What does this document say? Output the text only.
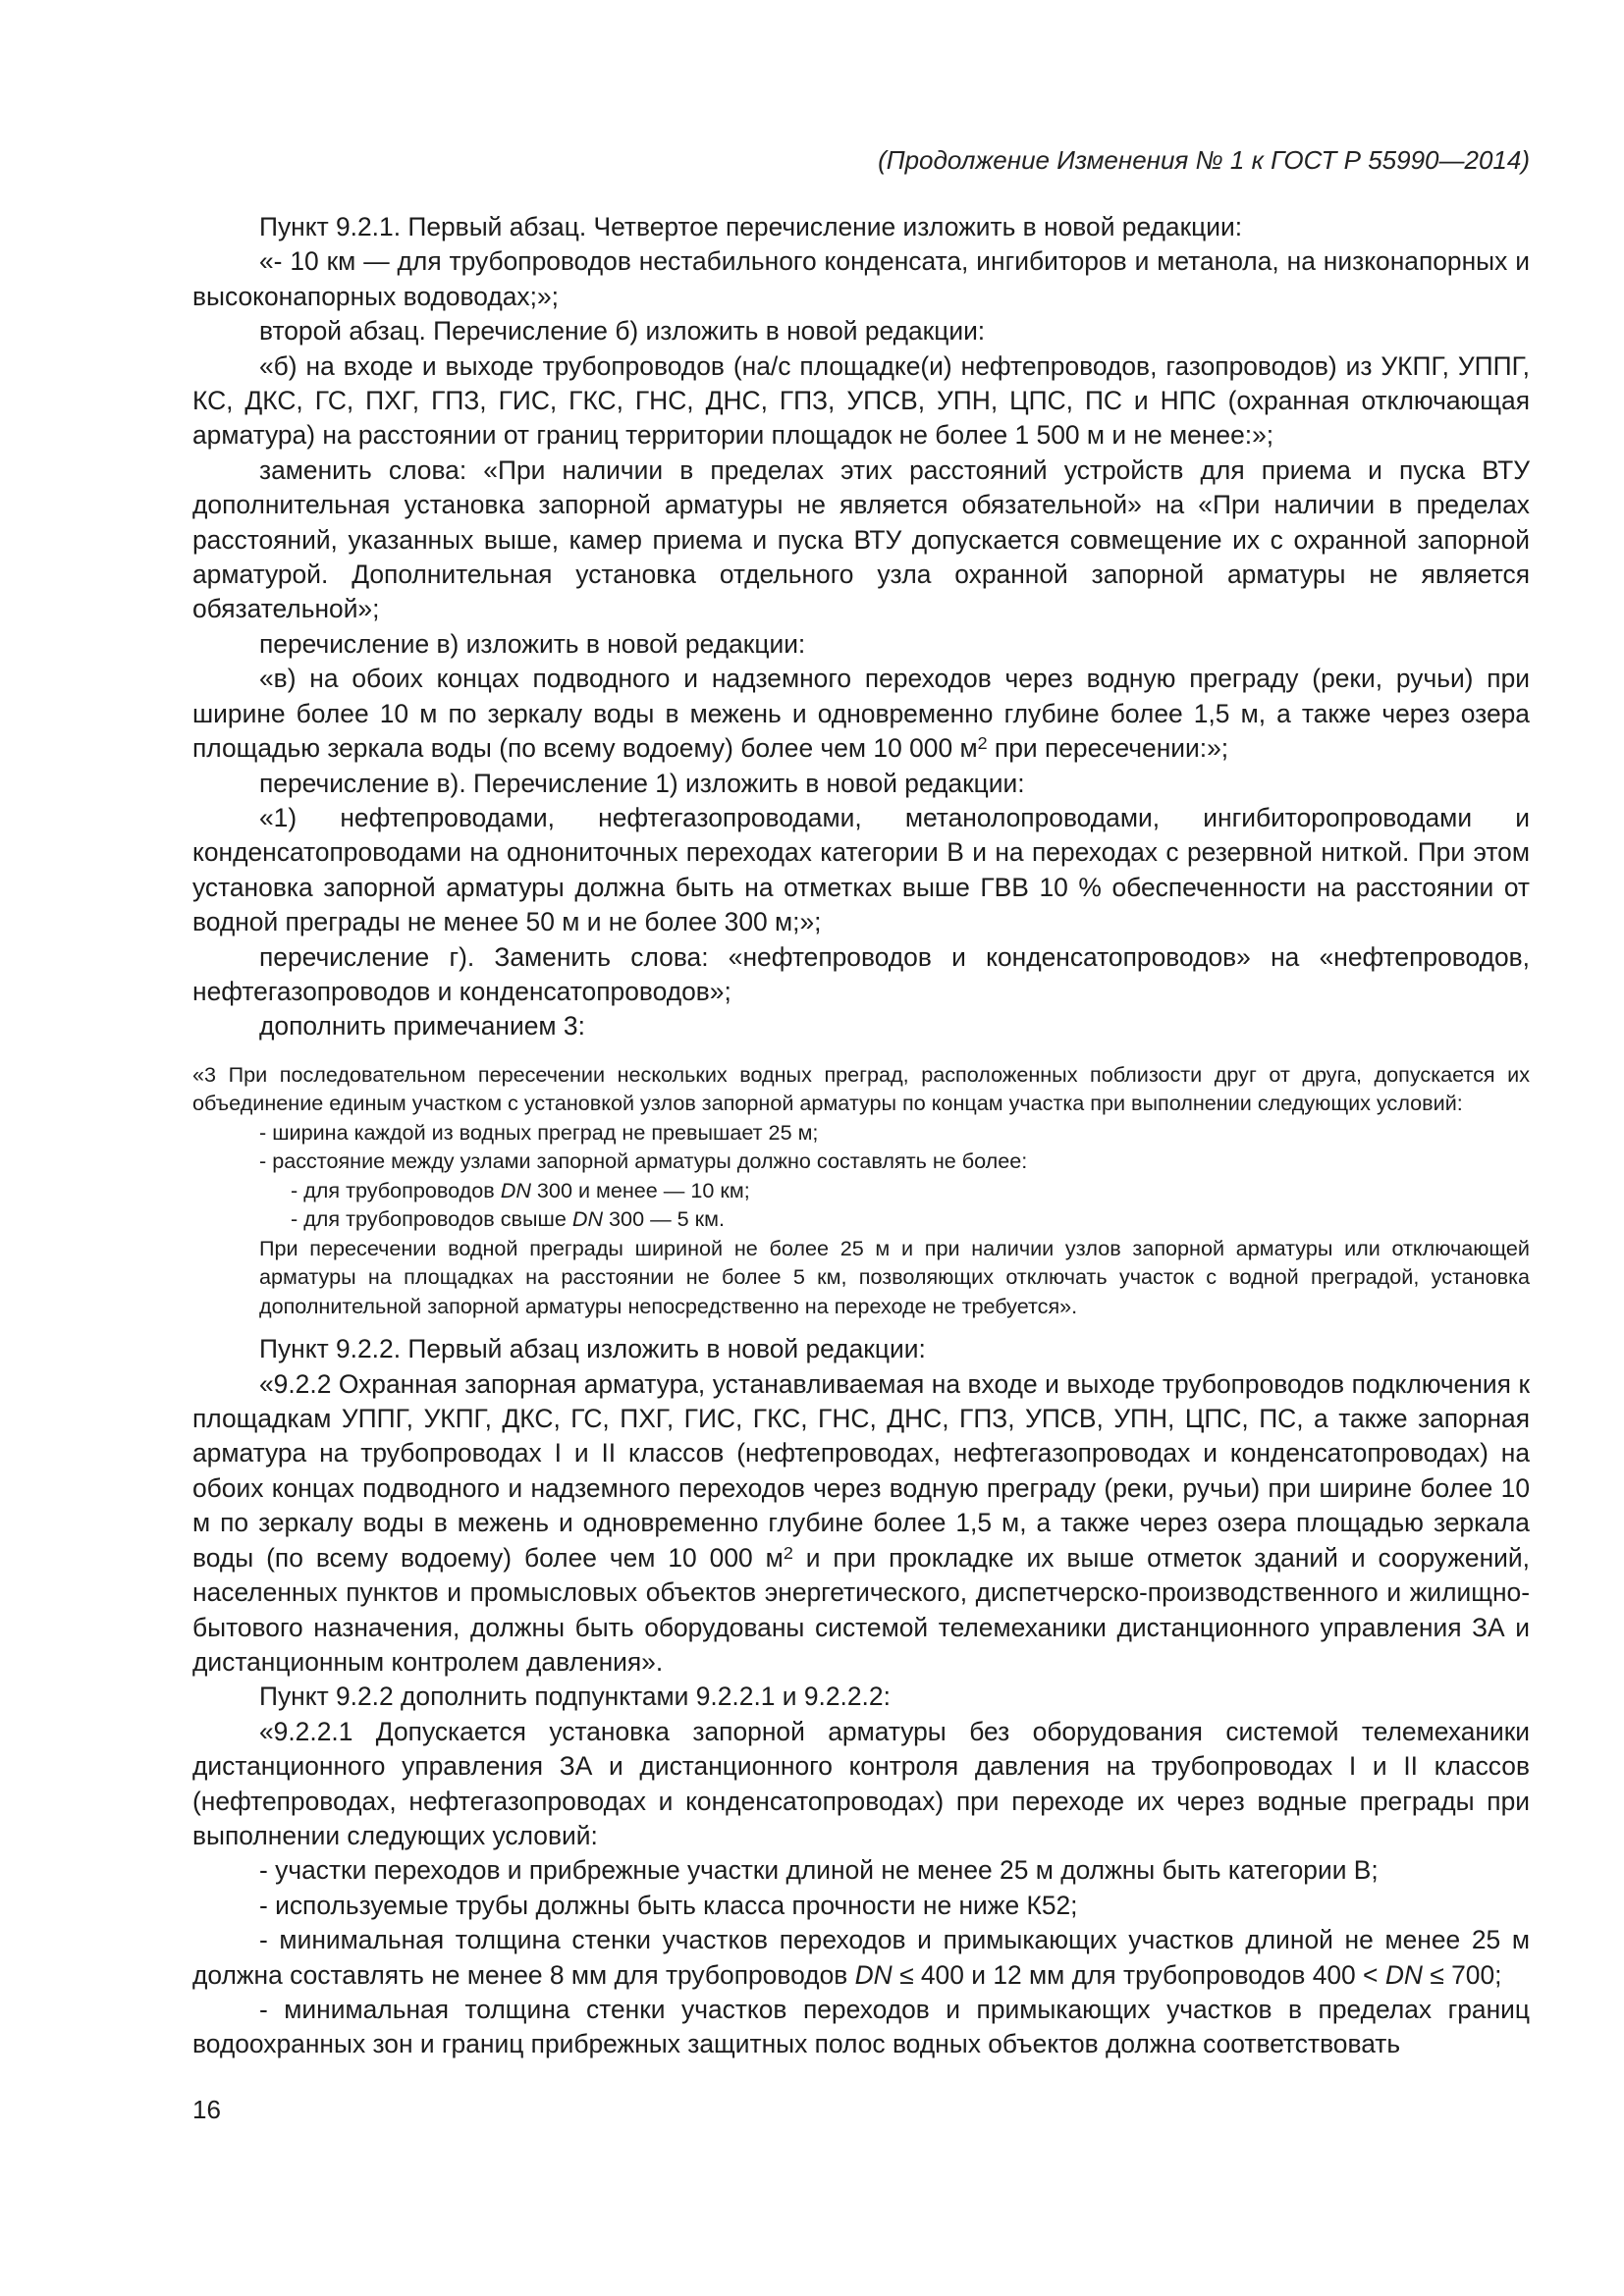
(Продолжение Изменения № 1 к ГОСТ Р 55990—2014)

Пункт 9.2.1. Первый абзац. Четвертое перечисление изложить в новой редакции:

«- 10 км — для трубопроводов нестабильного конденсата, ингибиторов и метанола, на низконапорных и высоконапорных водоводах;»;

второй абзац. Перечисление б) изложить в новой редакции:

«б) на входе и выходе трубопроводов (на/с площадке(и) нефтепроводов, газопроводов) из УКПГ, УППГ, КС, ДКС, ГС, ПХГ, ГПЗ, ГИС, ГКС, ГНС, ДНС, ГПЗ, УПСВ, УПН, ЦПС, ПС и НПС (охранная отключающая арматура) на расстоянии от границ территории площадок не более 1 500 м и не менее:»;

заменить слова: «При наличии в пределах этих расстояний устройств для приема и пуска ВТУ дополнительная установка запорной арматуры не является обязательной» на «При наличии в пределах расстояний, указанных выше, камер приема и пуска ВТУ допускается совмещение их с охранной запорной арматурой. Дополнительная установка отдельного узла охранной запорной арматуры не является обязательной»;

перечисление в) изложить в новой редакции:

«в) на обоих концах подводного и надземного переходов через водную преграду (реки, ручьи) при ширине более 10 м по зеркалу воды в межень и одновременно глубине более 1,5 м, а также через озера площадью зеркала воды (по всему водоему) более чем 10 000 $м^2$ при пересечении:»;

перечисление в). Перечисление 1) изложить в новой редакции:

«1) нефтепроводами, нефтегазопроводами, метанолопроводами, ингибиторопроводами и конденсатопроводами на однониточных переходах категории В и на переходах с резервной ниткой. При этом установка запорной арматуры должна быть на отметках выше ГВВ 10 % обеспеченности на расстоянии от водной преграды не менее 50 м и не более 300 м;»;

перечисление г). Заменить слова: «нефтепроводов и конденсатопроводов» на «нефтепроводов, нефтегазопроводов и конденсатопроводов»;

дополнить примечанием 3:

«3 При последовательном пересечении нескольких водных преград, расположенных поблизости друг от друга, допускается их объединение единым участком с установкой узлов запорной арматуры по концам участка при выполнении следующих условий:

- ширина каждой из водных преград не превышает 25 м;

- расстояние между узлами запорной арматуры должно составлять не более:

- для трубопроводов DN 300 и менее — 10 км;

- для трубопроводов свыше DN 300 — 5 км.

При пересечении водной преграды шириной не более 25 м и при наличии узлов запорной арматуры или отключающей арматуры на площадках на расстоянии не более 5 км, позволяющих отключать участок с водной преградой, установка дополнительной запорной арматуры непосредственно на переходе не требуется».

Пункт 9.2.2. Первый абзац изложить в новой редакции:

«9.2.2 Охранная запорная арматура, устанавливаемая на входе и выходе трубопроводов подключения к площадкам УППГ, УКПГ, ДКС, ГС, ПХГ, ГИС, ГКС, ГНС, ДНС, ГПЗ, УПСВ, УПН, ЦПС, ПС, а также запорная арматура на трубопроводах I и II классов (нефтепроводах, нефтегазопроводах и конденсатопроводах) на обоих концах подводного и надземного переходов через водную преграду (реки, ручьи) при ширине более 10 м по зеркалу воды в межень и одновременно глубине более 1,5 м, а также через озера площадью зеркала воды (по всему водоему) более чем 10 000 $м^2$ и при прокладке их выше отметок зданий и сооружений, населенных пунктов и промысловых объектов энергетического, диспетчерско-производственного и жилищно-бытового назначения, должны быть оборудованы системой телемеханики дистанционного управления ЗА и дистанционным контролем давления».

Пункт 9.2.2 дополнить подпунктами 9.2.2.1 и 9.2.2.2:

«9.2.2.1 Допускается установка запорной арматуры без оборудования системой телемеханики дистанционного управления ЗА и дистанционного контроля давления на трубопроводах I и II классов (нефтепроводах, нефтегазопроводах и конденсатопроводах) при переходе их через водные преграды при выполнении следующих условий:

- участки переходов и прибрежные участки длиной не менее 25 м должны быть категории В;

- используемые трубы должны быть класса прочности не ниже К52;

- минимальная толщина стенки участков переходов и примыкающих участков длиной не менее 25 м должна составлять не менее 8 мм для трубопроводов DN ≤ 400 и 12 мм для трубопроводов 400 < DN ≤ 700;

- минимальная толщина стенки участков переходов и примыкающих участков в пределах границ водоохранных зон и границ прибрежных защитных полос водных объектов должна соответствовать

16
